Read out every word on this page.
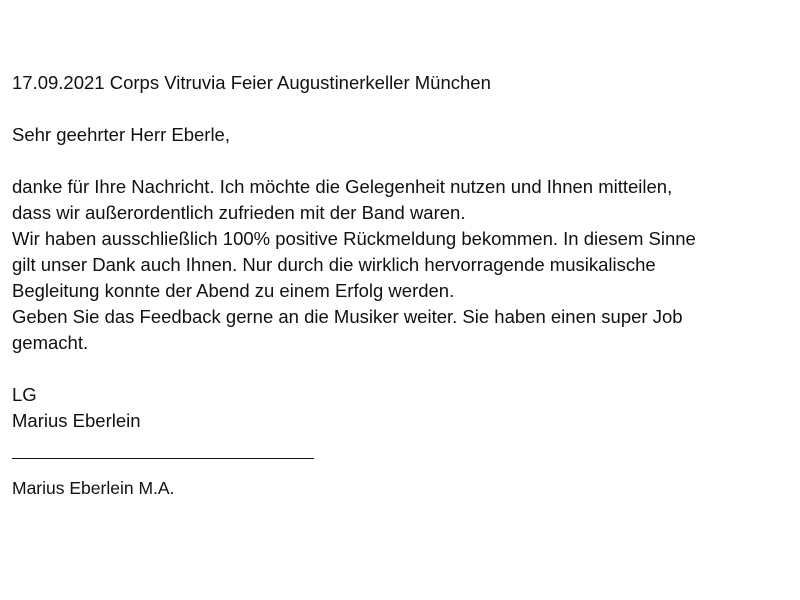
17.09.2021 Corps Vitruvia Feier Augustinerkeller München
Sehr geehrter Herr Eberle,
danke für Ihre Nachricht. Ich möchte die Gelegenheit nutzen und Ihnen mitteilen,
dass wir außerordentlich zufrieden mit der Band waren.
Wir haben ausschließlich 100% positive Rückmeldung bekommen. In diesem Sinne
gilt unser Dank auch Ihnen. Nur durch die wirklich hervorragende musikalische
Begleitung konnte der Abend zu einem Erfolg werden.
Geben Sie das Feedback gerne an die Musiker weiter. Sie haben einen super Job
gemacht.
LG
Marius Eberlein
Marius Eberlein M.A.
